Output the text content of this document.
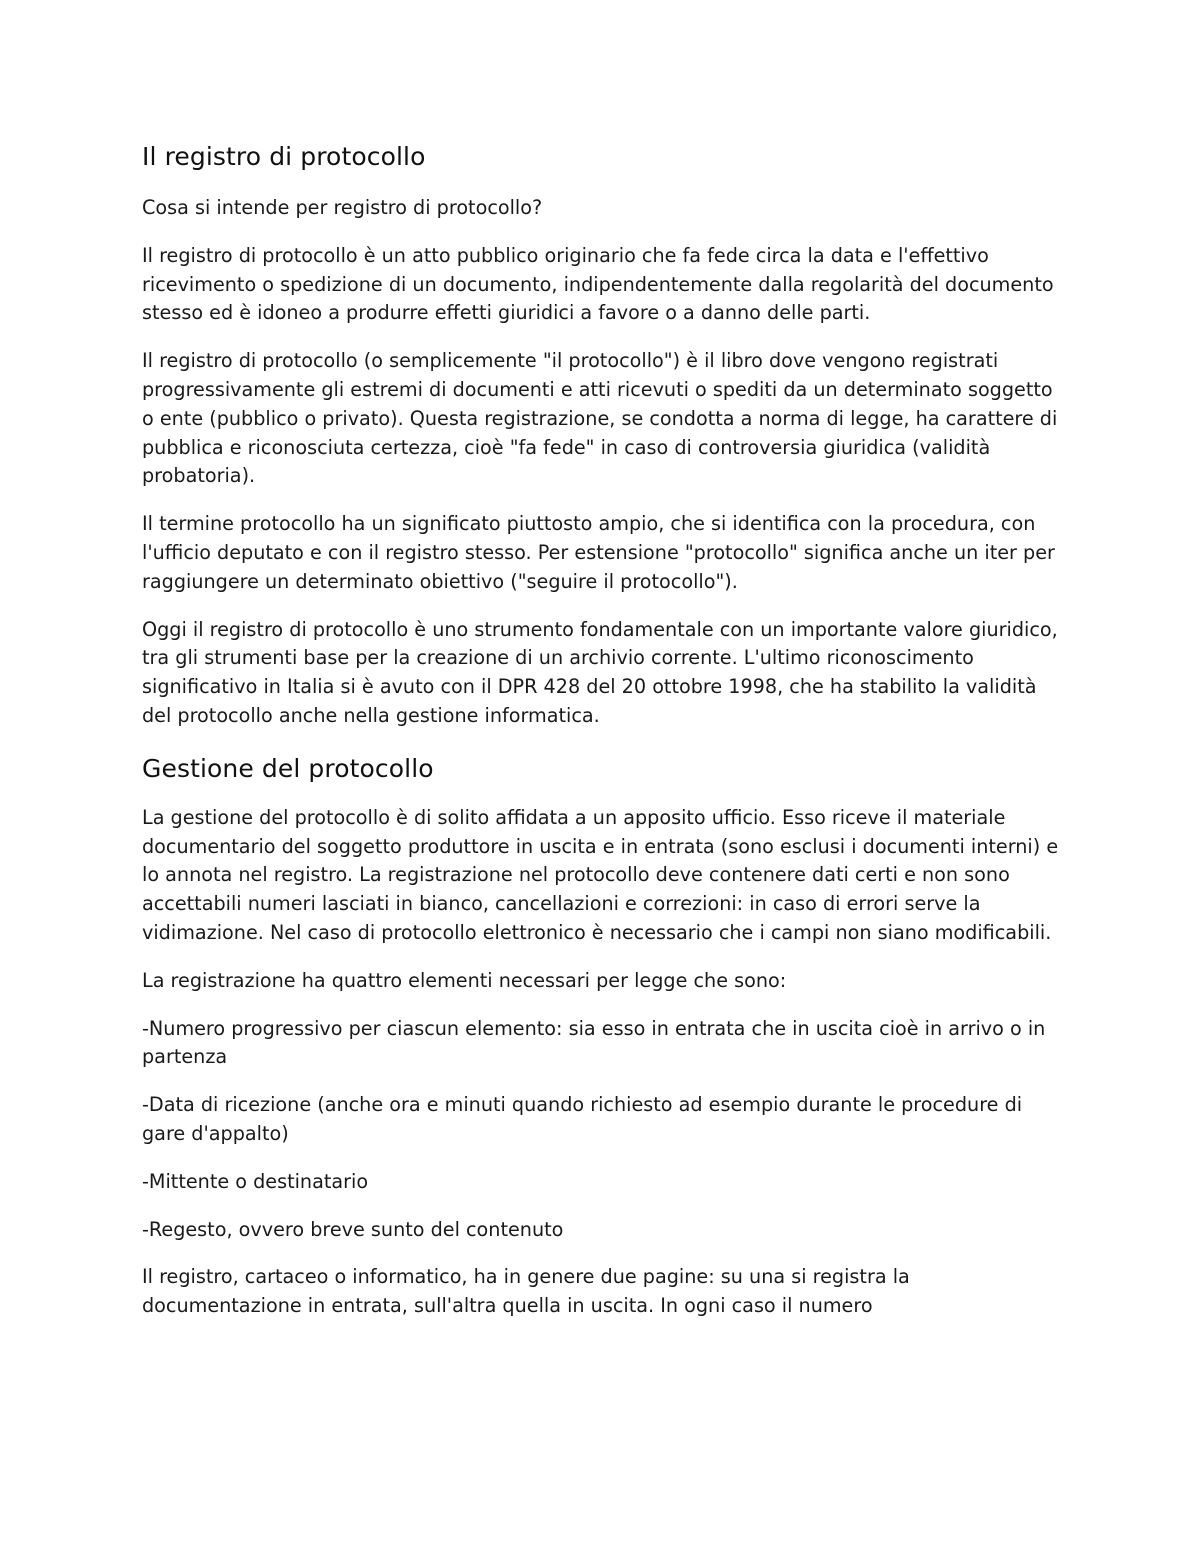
Il registro di protocollo

Cosa si intende per registro di protocollo?

Il registro di protocollo è un atto pubblico originario che fa fede circa la data e l'effettivo ricevimento o spedizione di un documento, indipendentemente dalla regolarità del documento stesso ed è idoneo a produrre effetti giuridici a favore o a danno delle parti.

Il registro di protocollo (o semplicemente "il protocollo") è il libro dove vengono registrati progressivamente gli estremi di documenti e atti ricevuti o spediti da un determinato soggetto o ente (pubblico o privato). Questa registrazione, se condotta a norma di legge, ha carattere di pubblica e riconosciuta certezza, cioè "fa fede" in caso di controversia giuridica (validità probatoria).

Il termine protocollo ha un significato piuttosto ampio, che si identifica con la procedura, con l'ufficio deputato e con il registro stesso. Per estensione "protocollo" significa anche un iter per raggiungere un determinato obiettivo ("seguire il protocollo").

Oggi il registro di protocollo è uno strumento fondamentale con un importante valore giuridico, tra gli strumenti base per la creazione di un archivio corrente. L'ultimo riconoscimento significativo in Italia si è avuto con il DPR 428 del 20 ottobre 1998, che ha stabilito la validità del protocollo anche nella gestione informatica.

Gestione del protocollo

La gestione del protocollo è di solito affidata a un apposito ufficio. Esso riceve il materiale documentario del soggetto produttore in uscita e in entrata (sono esclusi i documenti interni) e lo annota nel registro. La registrazione nel protocollo deve contenere dati certi e non sono accettabili numeri lasciati in bianco, cancellazioni e correzioni: in caso di errori serve la vidimazione. Nel caso di protocollo elettronico è necessario che i campi non siano modificabili.

La registrazione ha quattro elementi necessari per legge che sono:

-Numero progressivo per ciascun elemento: sia esso in entrata che in uscita cioè in arrivo o in partenza

-Data di ricezione (anche ora e minuti quando richiesto ad esempio durante le procedure di gare d'appalto)

-Mittente o destinatario

-Regesto, ovvero breve sunto del contenuto

Il registro, cartaceo o informatico, ha in genere due pagine: su una si registra la documentazione in entrata, sull'altra quella in uscita. In ogni caso il numero
